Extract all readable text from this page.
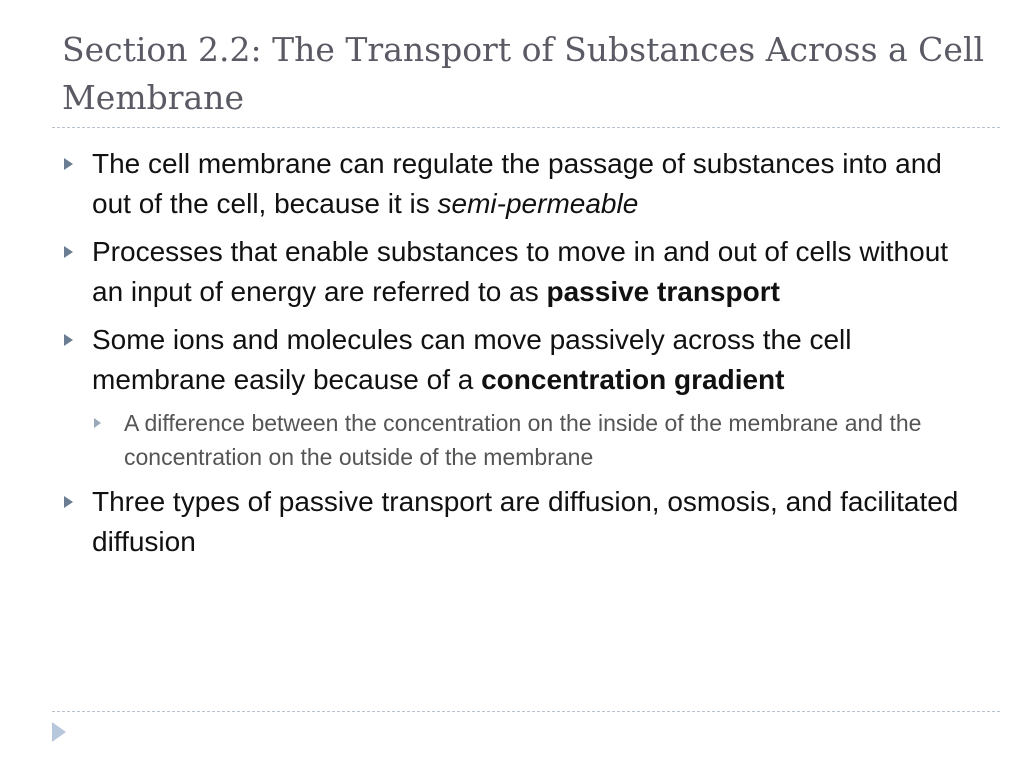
Section 2.2: The Transport of Substances Across a Cell Membrane
The cell membrane can regulate the passage of substances into and out of the cell, because it is semi-permeable
Processes that enable substances to move in and out of cells without an input of energy are referred to as passive transport
Some ions and molecules can move passively across the cell membrane easily because of a concentration gradient
A difference between the concentration on the inside of the membrane and the concentration on the outside of the membrane
Three types of passive transport are diffusion, osmosis, and facilitated diffusion
